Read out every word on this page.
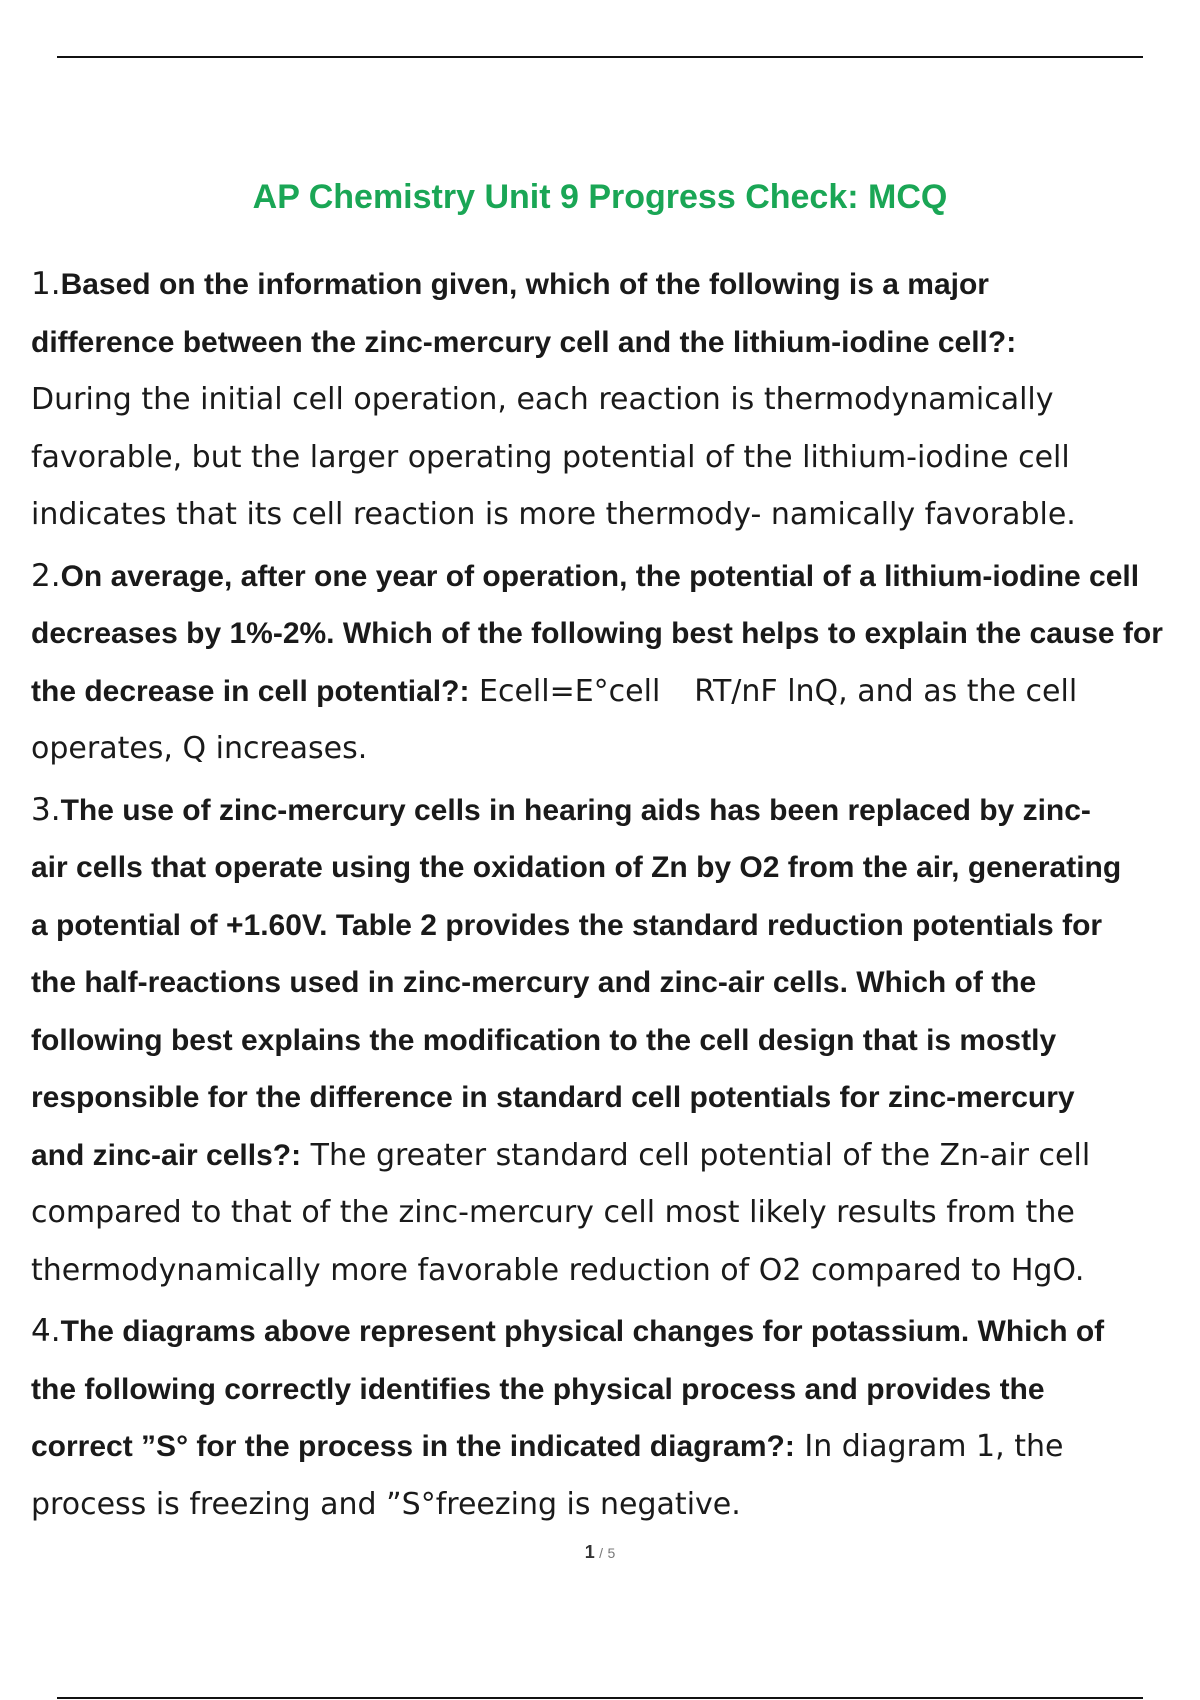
AP Chemistry Unit 9 Progress Check: MCQ
1.Based on the information given, which of the following is a major
difference between the zinc-mercury cell and the lithium-iodine cell?:
During the initial cell operation, each reaction is thermodynamically
favorable, but the larger operating potential of the lithium-iodine cell
indicates that its cell reaction is more thermody- namically favorable.
2.On average, after one year of operation, the potential of a lithium-iodine cell
decreases by 1%-2%. Which of the following best helps to explain the cause for
the decrease in cell potential?: Ecell=E°cell RT/nF lnQ, and as the cell
operates, Q increases.
3.The use of zinc-mercury cells in hearing aids has been replaced by zinc-
air cells that operate using the oxidation of Zn by O2 from the air, generating
a potential of +1.60V. Table 2 provides the standard reduction potentials for
the half-reactions used in zinc-mercury and zinc-air cells. Which of the
following best explains the modification to the cell design that is mostly
responsible for the difference in standard cell potentials for zinc-mercury
and zinc-air cells?: The greater standard cell potential of the Zn-air cell
compared to that of the zinc-mercury cell most likely results from the
thermodynamically more favorable reduction of O2 compared to HgO.
4.The diagrams above represent physical changes for potassium. Which of
the following correctly identifies the physical process and provides the
correct ”S° for the process in the indicated diagram?: In diagram 1, the
process is freezing and ”S°freezing is negative.
1 / 5
